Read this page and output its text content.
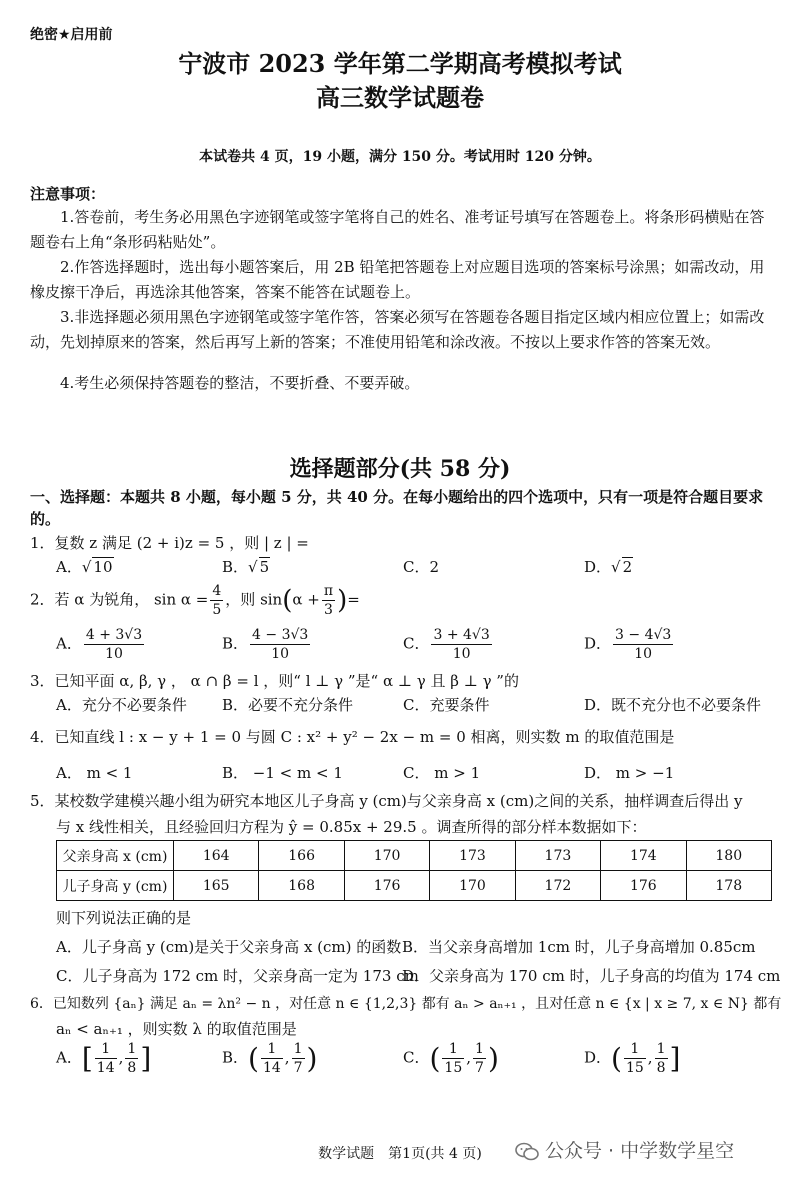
绝密★启用前
宁波市 2023 学年第二学期高考模拟考试
高三数学试题卷
本试卷共 4 页，19 小题，满分 150 分。考试用时 120 分钟。
注意事项：
1.答卷前，考生务必用黑色字迹钢笔或签字笔将自己的姓名、准考证号填写在答题卷上。将条形码横贴在答题卷右上角“条形码粘贴处”。
2.作答选择题时，选出每小题答案后，用 2B 铅笔把答题卷上对应题目选项的答案标号涂黑；如需改动，用橡皮擦干净后，再选涂其他答案，答案不能答在试题卷上。
3.非选择题必须用黑色字迹钢笔或签字笔作答，答案必须写在答题卷各题目指定区域内相应位置上；如需改动，先划掉原来的答案，然后再写上新的答案；不准使用铅笔和涂改液。不按以上要求作答的答案无效。
4.考生必须保持答题卷的整洁，不要折叠、不要弄破。
选择题部分(共 58 分)
一、选择题：本题共 8 小题，每小题 5 分，共 40 分。在每小题给出的四个选项中，只有一项是符合题目要求的。
1．复数 z 满足 (2 + i)z = 5 ，则 | z | =
A．√ 10	B．√ 5	C．2	D．√ 2
2．若 α 为锐角， $\sin \alpha = \frac{4}{5}$ ，则 $\sin(\alpha + \frac{\pi}{3}$ )=
A． $\frac{4 + 3√3}{10}$	B． $\frac{4 - 3√3}{10}$	C． $\frac{3 + 4√3}{10}$	D． $\frac{3 - 4√3}{10}$
3．已知平面 α, β, γ ， α ∩ β = l ，则“ l ⊥ γ ”是“ α ⊥ γ 且 β ⊥ γ ”的
A．充分不必要条件 B．必要不充分条件	C．充要条件	D．既不充分也不必要条件
4．已知直线 l : x − y + 1 = 0 与圆 C : x² + y² − 2x − m = 0 相离，则实数 m 的取值范围是
A． m < 1	B． −1 < m < 1	C． m > 1	D． m > −1
5．某校数学建模兴趣小组为研究本地区儿子身高 y (cm)与父亲身高 x (cm)之间的关系，抽样调查后得出 y
与 x 线性相关，且经验回归方程为 ŷ = 0.85x + 29.5 。调查所得的部分样本数据如下：
父亲身高 x (cm)	164	166	170	173	173	174	180
儿子身高 y (cm)	165	168	176	170	172	176	178
则下列说法正确的是
A．儿子身高 y (cm)是关于父亲身高 x (cm) 的函数 B．当父亲身高增加 1cm 时，儿子身高增加 0.85cm
C．儿子身高为 172 cm 时，父亲身高一定为 173 cm
D．父亲身高为 170 cm 时，儿子身高的均值为 174 cm
6．已知数列 {aₙ} 满足 aₙ = λn² − n ，对任意 n ∈ {1,2,3} 都有 aₙ > aₙ₊₁ ，且对任意 n ∈ {x | x ≥ 7, x ∈ N} 都有
aₙ < aₙ₊₁ ，则实数 λ 的取值范围是
A．[ $\frac{1}{14}$ , $\frac{1}{8}$ ]	B．( $\frac{1}{14}$ , $\frac{1}{7}$ )	C．( $\frac{1}{15}$ , $\frac{1}{7}$ )	D．( $\frac{1}{15}$ , $\frac{1}{8}$ ]
数学试题　第1页(共 4 页)	公众号 · 中学数学星空
